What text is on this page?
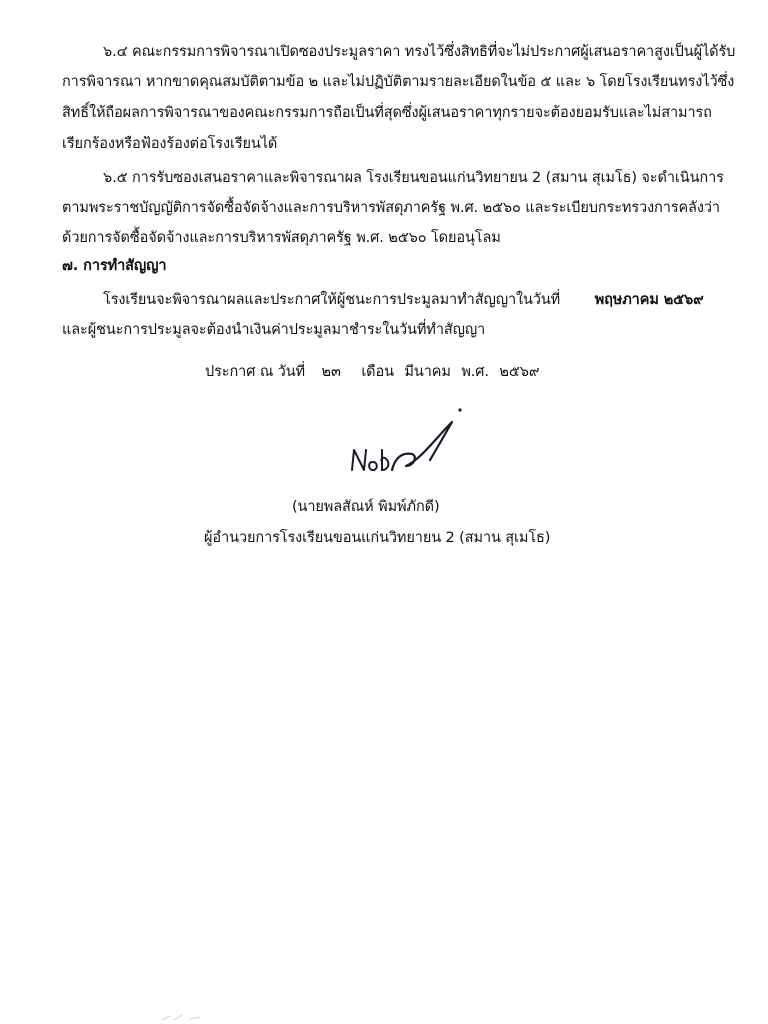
๖.๔ คณะกรรมการพิจารณาเปิดซองประมูลราคา ทรงไว้ซึ่งสิทธิที่จะไม่ประกาศผู้เสนอราคาสูงเป็นผู้ได้รับ
การพิจารณา หากขาดคุณสมบัติตามข้อ ๒ และไม่ปฏิบัติตามรายละเอียดในข้อ ๕ และ ๖ โดยโรงเรียนทรงไว้ซึ่ง
สิทธิ์ให้ถือผลการพิจารณาของคณะกรรมการถือเป็นที่สุดซึ่งผู้เสนอราคาทุกรายจะต้องยอมรับและไม่สามารถ
เรียกร้องหรือฟ้องร้องต่อโรงเรียนได้
๖.๕ การรับซองเสนอราคาและพิจารณาผล โรงเรียนขอนแก่นวิทยายน 2 (สมาน สุเมโธ) จะดำเนินการ
ตามพระราชบัญญัติการจัดซื้อจัดจ้างและการบริหารพัสดุภาครัฐ พ.ศ. ๒๕๖๐ และระเบียบกระทรวงการคลังว่า
ด้วยการจัดซื้อจัดจ้างและการบริหารพัสดุภาครัฐ พ.ศ. ๒๕๖๐ โดยอนุโลม
๗. การทำสัญญา
โรงเรียนจะพิจารณาผลและประกาศให้ผู้ชนะการประมูลมาทำสัญญาในวันที่ พฤษภาคม ๒๕๖๙
และผู้ชนะการประมูลจะต้องนำเงินค่าประมูลมาชำระในวันที่ทำสัญญา
ประกาศ ณ วันที่ ๒๓ เดือน มีนาคม พ.ศ. ๒๕๖๙
(นายพลสัณห์ พิมพ์ภักดี)
ผู้อำนวยการโรงเรียนขอนแก่นวิทยายน 2 (สมาน สุเมโธ)
